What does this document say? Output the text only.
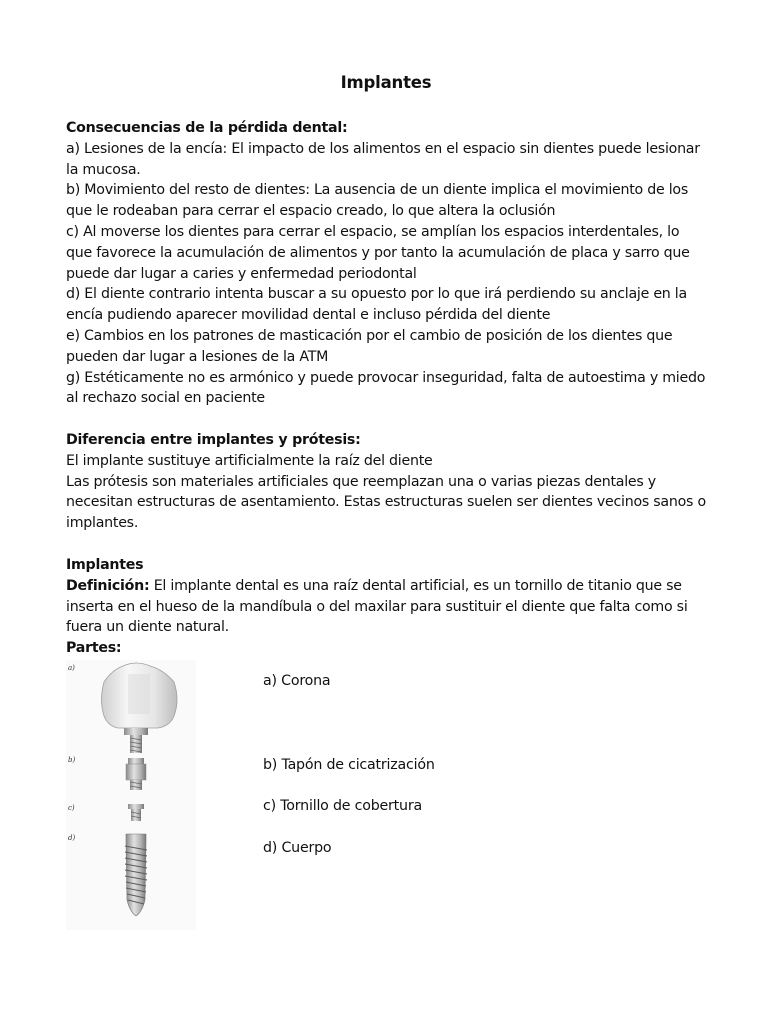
Implantes

Consecuencias de la pérdida dental:

a) Lesiones de la encía: El impacto de los alimentos en el espacio sin dientes puede lesionar la mucosa.

b) Movimiento del resto de dientes: La ausencia de un diente implica el movimiento de los que le rodeaban para cerrar el espacio creado, lo que altera la oclusión

c) Al moverse los dientes para cerrar el espacio, se amplían los espacios interdentales, lo que favorece la acumulación de alimentos y por tanto la acumulación de placa y sarro que puede dar lugar a caries y enfermedad periodontal

d) El diente contrario intenta buscar a su opuesto por lo que irá perdiendo su anclaje en la encía pudiendo aparecer movilidad dental e incluso pérdida del diente

e) Cambios en los patrones de masticación por el cambio de posición de los dientes que pueden dar lugar a lesiones de la ATM

g) Estéticamente no es armónico y puede provocar inseguridad, falta de autoestima y miedo al rechazo social en paciente

Diferencia entre implantes y prótesis:

El implante sustituye artificialmente la raíz del diente

Las prótesis son materiales artificiales que reemplazan una o varias piezas dentales y necesitan estructuras de asentamiento. Estas estructuras suelen ser dientes vecinos sanos o implantes.

Implantes

Definición: El implante dental es una raíz dental artificial, es un tornillo de titanio que se inserta en el hueso de la mandíbula o del maxilar para sustituir el diente que falta como si fuera un diente natural.

Partes:

a)
b)
c)
d)
a) Corona
b) Tapón de cicatrización
c) Tornillo de cobertura
d) Cuerpo
